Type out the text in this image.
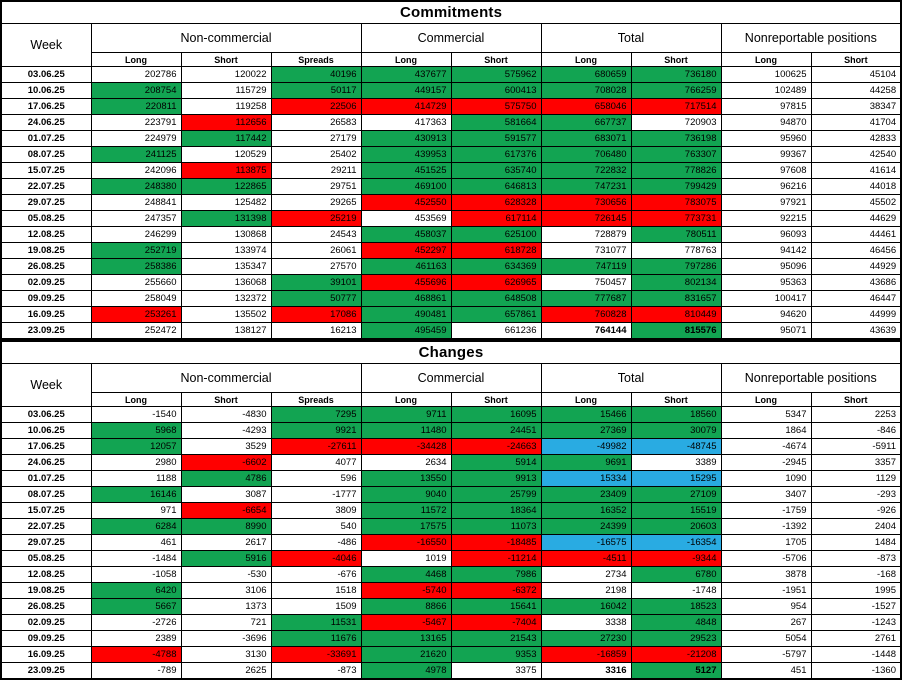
Commitments									
Week	Non-commercial			Commercial		Total		Nonreportable positions	
	Long	Short	Spreads	Long	Short	Long	Short	Long	Short
03.06.25	202786	120022	40196	437677	575962	680659	736180	100625	45104
10.06.25	208754	115729	50117	449157	600413	708028	766259	102489	44258
17.06.25	220811	119258	22506	414729	575750	658046	717514	97815	38347
24.06.25	223791	112656	26583	417363	581664	667737	720903	94870	41704
01.07.25	224979	117442	27179	430913	591577	683071	736198	95960	42833
08.07.25	241125	120529	25402	439953	617376	706480	763307	99367	42540
15.07.25	242096	113875	29211	451525	635740	722832	778826	97608	41614
22.07.25	248380	122865	29751	469100	646813	747231	799429	96216	44018
29.07.25	248841	125482	29265	452550	628328	730656	783075	97921	45502
05.08.25	247357	131398	25219	453569	617114	726145	773731	92215	44629
12.08.25	246299	130868	24543	458037	625100	728879	780511	96093	44461
19.08.25	252719	133974	26061	452297	618728	731077	778763	94142	46456
26.08.25	258386	135347	27570	461163	634369	747119	797286	95096	44929
02.09.25	255660	136068	39101	455696	626965	750457	802134	95363	43686
09.09.25	258049	132372	50777	468861	648508	777687	831657	100417	46447
16.09.25	253261	135502	17086	490481	657861	760828	810449	94620	44999
23.09.25	252472	138127	16213	495459	661236	764144	815576	95071	43639
Changes									
Week	Non-commercial			Commercial		Total		Nonreportable positions	
	Long	Short	Spreads	Long	Short	Long	Short	Long	Short
03.06.25	-1540	-4830	7295	9711	16095	15466	18560	5347	2253
10.06.25	5968	-4293	9921	11480	24451	27369	30079	1864	-846
17.06.25	12057	3529	-27611	-34428	-24663	-49982	-48745	-4674	-5911
24.06.25	2980	-6602	4077	2634	5914	9691	3389	-2945	3357
01.07.25	1188	4786	596	13550	9913	15334	15295	1090	1129
08.07.25	16146	3087	-1777	9040	25799	23409	27109	3407	-293
15.07.25	971	-6654	3809	11572	18364	16352	15519	-1759	-926
22.07.25	6284	8990	540	17575	11073	24399	20603	-1392	2404
29.07.25	461	2617	-486	-16550	-18485	-16575	-16354	1705	1484
05.08.25	-1484	5916	-4046	1019	-11214	-4511	-9344	-5706	-873
12.08.25	-1058	-530	-676	4468	7986	2734	6780	3878	-168
19.08.25	6420	3106	1518	-5740	-6372	2198	-1748	-1951	1995
26.08.25	5667	1373	1509	8866	15641	16042	18523	954	-1527
02.09.25	-2726	721	11531	-5467	-7404	3338	4848	267	-1243
09.09.25	2389	-3696	11676	13165	21543	27230	29523	5054	2761
16.09.25	-4788	3130	-33691	21620	9353	-16859	-21208	-5797	-1448
23.09.25	-789	2625	-873	4978	3375	3316	5127	451	-1360
